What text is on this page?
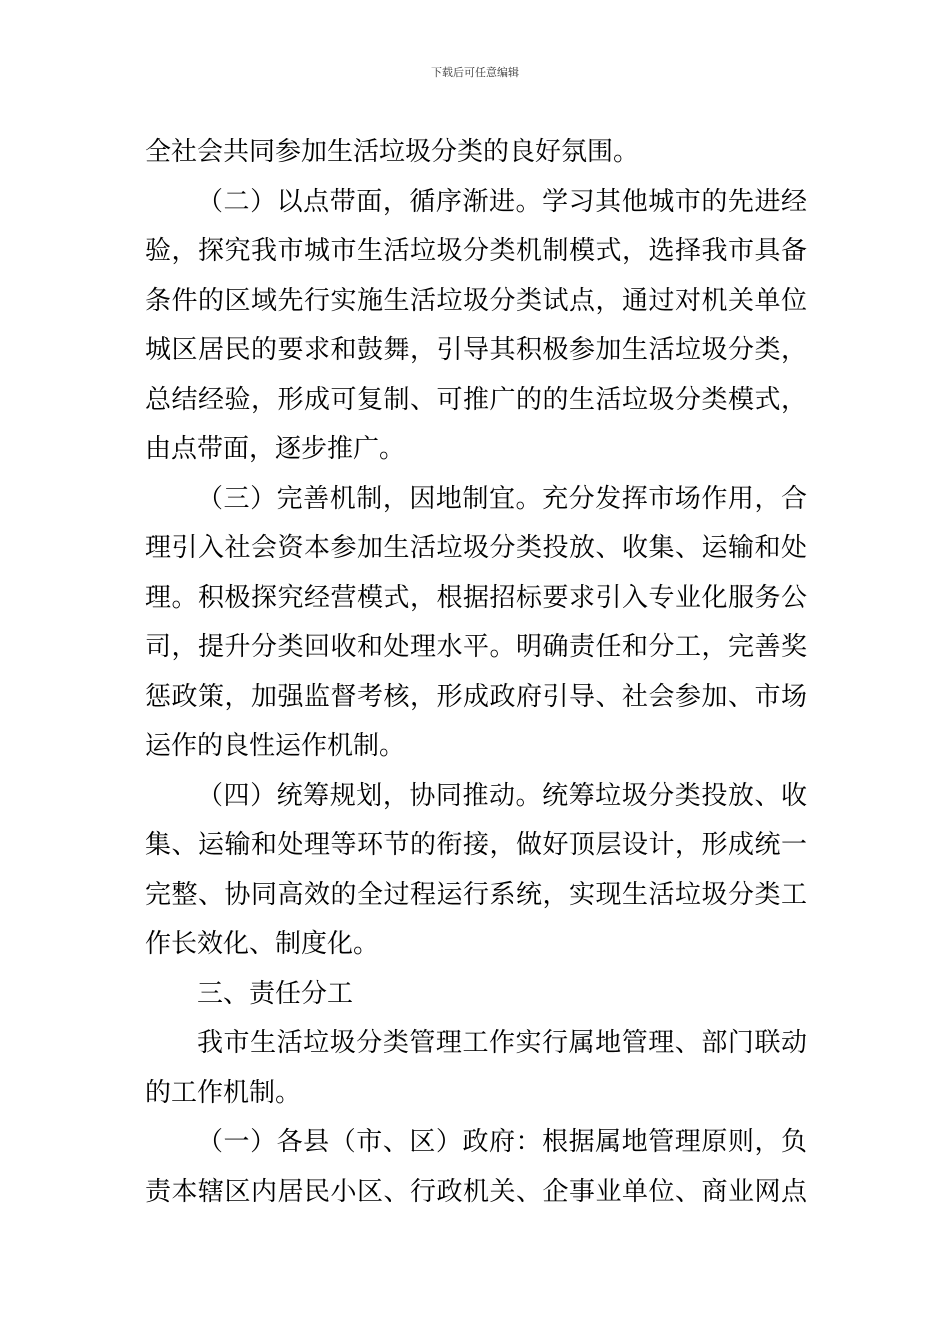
下载后可任意编辑
全社会共同参加生活垃圾分类的良好氛围。
（二）以点带面，循序渐进。学习其他城市的先进经
验，探究我市城市生活垃圾分类机制模式，选择我市具备
条件的区域先行实施生活垃圾分类试点，通过对机关单位
城区居民的要求和鼓舞，引导其积极参加生活垃圾分类，
总结经验，形成可复制、可推广的的生活垃圾分类模式，
由点带面，逐步推广。
（三）完善机制，因地制宜。充分发挥市场作用，合
理引入社会资本参加生活垃圾分类投放、收集、运输和处
理。积极探究经营模式，根据招标要求引入专业化服务公
司，提升分类回收和处理水平。明确责任和分工，完善奖
惩政策，加强监督考核，形成政府引导、社会参加、市场
运作的良性运作机制。
（四）统筹规划，协同推动。统筹垃圾分类投放、收
集、运输和处理等环节的衔接，做好顶层设计，形成统一
完整、协同高效的全过程运行系统，实现生活垃圾分类工
作长效化、制度化。
三、责任分工
我市生活垃圾分类管理工作实行属地管理、部门联动
的工作机制。
（一）各县（市、区）政府：根据属地管理原则，负
责本辖区内居民小区、行政机关、企事业单位、商业网点
